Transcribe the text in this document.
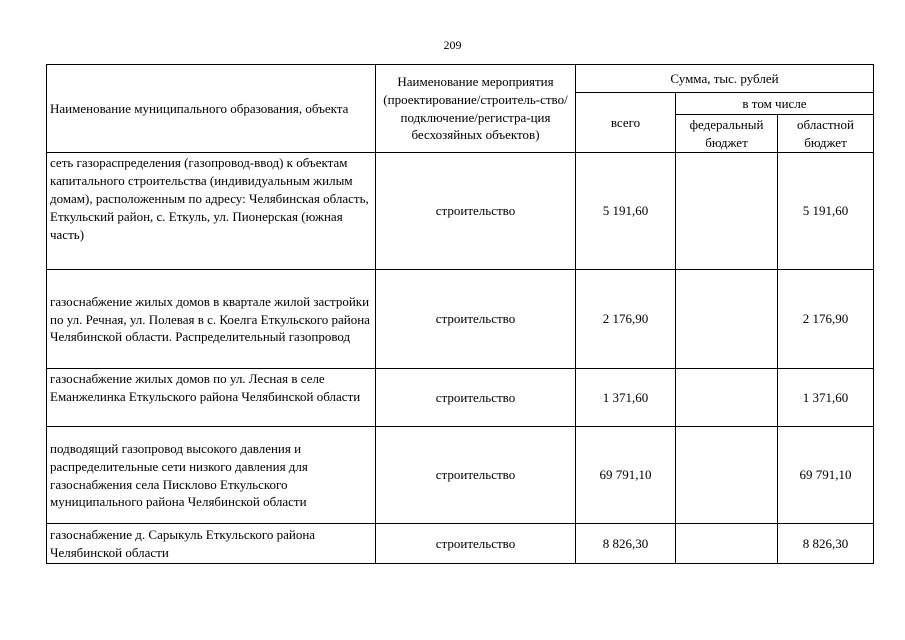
209
Наименование муниципального образования, объекта	Наименование мероприятия (проектирование/строитель-ство/подключение/регистра-ция бесхозяйных объектов)	Сумма, тыс. рублей		
		всего	в том числе	
			федеральный бюджет	областной бюджет
сеть газораспределения (газопровод-ввод) к объектам капитального строительства (индивидуальным жилым домам), расположенным по адресу: Челябинская область, Еткульский район, с. Еткуль, ул. Пионерская (южная часть)	строительство	5 191,60		5 191,60
газоснабжение жилых домов в квартале жилой застройки по ул. Речная, ул. Полевая в с. Коелга Еткульского района Челябинской области. Распределительный газопровод	строительство	2 176,90		2 176,90
газоснабжение жилых домов по ул. Лесная в селе Еманжелинка Еткульского района Челябинской области	строительство	1 371,60		1 371,60
подводящий газопровод высокого давления и распределительные сети низкого давления для газоснабжения села Пискловo Еткульского муниципального района Челябинской области	строительство	69 791,10		69 791,10
газоснабжение д. Сарыкуль Еткульского района Челябинской области	строительство	8 826,30		8 826,30
